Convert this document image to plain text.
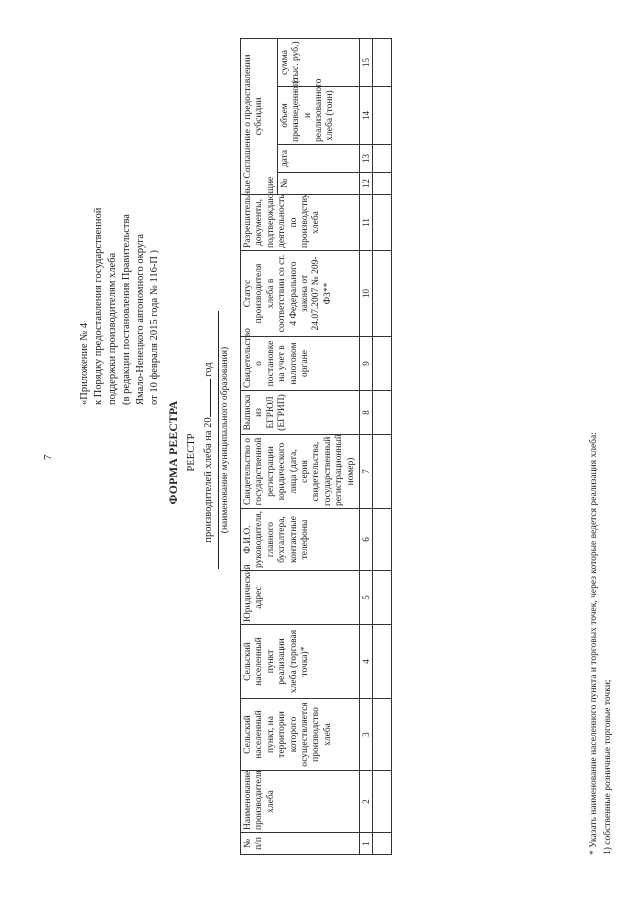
7
«Приложение № 4 к Порядку предоставления государственной поддержки производителям хлеба (в редакции постановления Правительства Ямало-Ненецкого автономного округа от 10 февраля 2015 года № 116-П )
ФОРМА РЕЕСТРА РЕЕСТР производителей хлеба на 20 год (наименование муниципального образования)
№ п/п	Наименование производителя хлеба	Сельский населенный пункт, на территории которого осуществляется производство хлеба	Сельский населенный пункт реализации хлеба (торговая точка)*	Юридический адрес	Ф.И.О. руководителя, главного бухгалтера, контактные телефоны	Свидетельство о государственной регистрации юридического лица (дата, серия свидетельства, государственный регистрационный номер)	Выписка из ЕГРЮЛ (ЕГРИП)	Свидетельство о постановке на учет в налоговом органе	Статус производителя хлеба в соответствии со ст. 4 Федерального закона от 24.07.2007 № 209-ФЗ**	Разрешительные документы, подтверждающие деятельность по производству хлеба	Соглашение о предоставлении субсидии			
											№	дата	объем произведенного и реализованного хлеба (тонн)	сумма (тыс. руб.)
1	2	3	4	5	6	7	8	9	10	11	12	13	14	15

* Указать наименование населенного пункта и торговых точек, через которые ведется реализация хлеба: 1) собственные розничные торговые точки;
